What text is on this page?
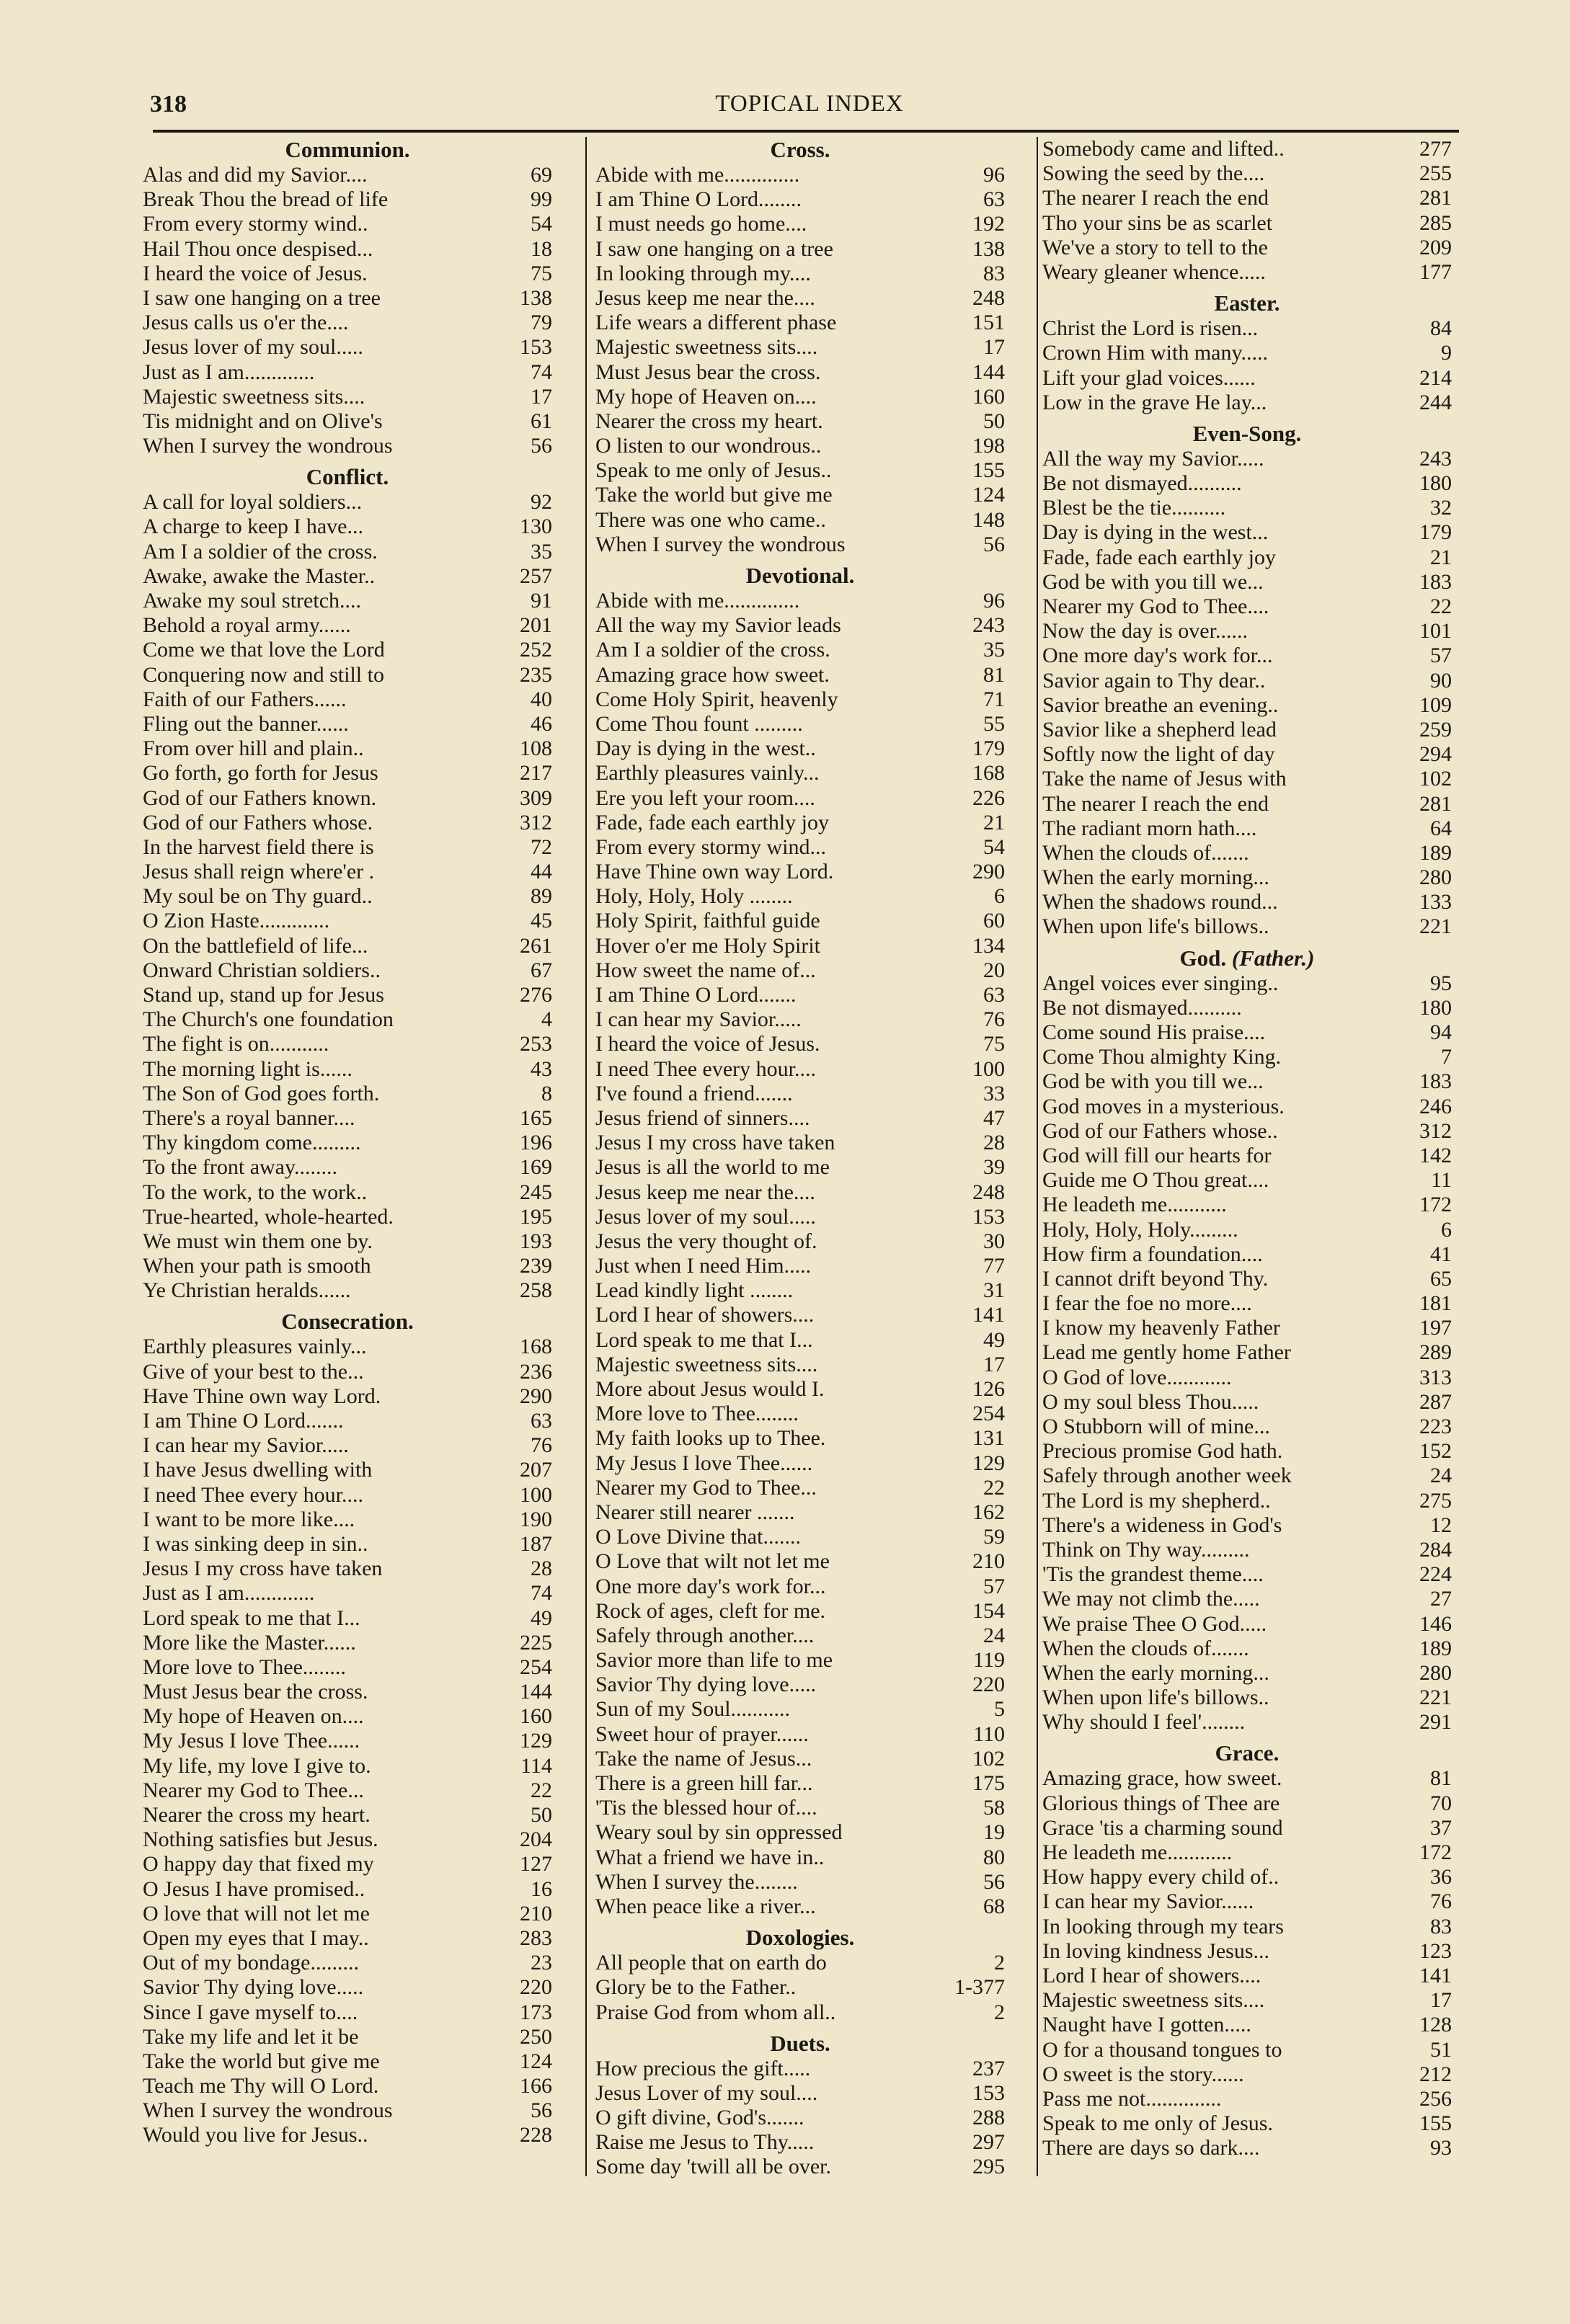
318	TOPICAL INDEX
Communion.
Alas and did my Savior....	69
Break Thou the bread of life	99
From every stormy wind..	54
Hail Thou once despised...	18
I heard the voice of Jesus.	75
I saw one hanging on a tree	138
Jesus calls us o'er the....	79
Jesus lover of my soul.....	153
Just as I am.............	74
Majestic sweetness sits....	17
Tis midnight and on Olive's	61
When I survey the wondrous	56
Conflict.
A call for loyal soldiers...	92
A charge to keep I have...	130
Am I a soldier of the cross.	35
Awake, awake the Master..	257
Awake my soul stretch....	91
Behold a royal army......	201
Come we that love the Lord	252
Conquering now and still to	235
Faith of our Fathers......	40
Fling out the banner......	46
From over hill and plain..	108
Go forth, go forth for Jesus	217
God of our Fathers known.	309
God of our Fathers whose.	312
In the harvest field there is	72
Jesus shall reign where'er .	44
My soul be on Thy guard..	89
O Zion Haste.............	45
On the battlefield of life...	261
Onward Christian soldiers..	67
Stand up, stand up for Jesus	276
The Church's one foundation	4
The fight is on...........	253
The morning light is......	43
The Son of God goes forth.	8
There's a royal banner....	165
Thy kingdom come.........	196
To the front away........	169
To the work, to the work..	245
True-hearted, whole-hearted.	195
We must win them one by.	193
When your path is smooth	239
Ye Christian heralds......	258
Consecration.
Earthly pleasures vainly...	168
Give of your best to the...	236
Have Thine own way Lord.	290
I am Thine O Lord.......	63
I can hear my Savior.....	76
I have Jesus dwelling with	207
I need Thee every hour....	100
I want to be more like....	190
I was sinking deep in sin..	187
Jesus I my cross have taken	28
Just as I am.............	74
Lord speak to me that I...	49
More like the Master......	225
More love to Thee........	254
Must Jesus bear the cross.	144
My hope of Heaven on....	160
My Jesus I love Thee......	129
My life, my love I give to.	114
Nearer my God to Thee...	22
Nearer the cross my heart.	50
Nothing satisfies but Jesus.	204
O happy day that fixed my	127
O Jesus I have promised..	16
O love that will not let me	210
Open my eyes that I may..	283
Out of my bondage.........	23
Savior Thy dying love.....	220
Since I gave myself to....	173
Take my life and let it be	250
Take the world but give me	124
Teach me Thy will O Lord.	166
When I survey the wondrous	56
Would you live for Jesus..	228
Cross.
Abide with me..............	96
I am Thine O Lord........	63
I must needs go home....	192
I saw one hanging on a tree	138
In looking through my....	83
Jesus keep me near the....	248
Life wears a different phase	151
Majestic sweetness sits....	17
Must Jesus bear the cross.	144
My hope of Heaven on....	160
Nearer the cross my heart.	50
O listen to our wondrous..	198
Speak to me only of Jesus..	155
Take the world but give me	124
There was one who came..	148
When I survey the wondrous	56
Devotional.
Abide with me..............	96
All the way my Savior leads	243
Am I a soldier of the cross.	35
Amazing grace how sweet.	81
Come Holy Spirit, heavenly	71
Come Thou fount .........	55
Day is dying in the west..	179
Earthly pleasures vainly...	168
Ere you left your room....	226
Fade, fade each earthly joy	21
From every stormy wind...	54
Have Thine own way Lord.	290
Holy, Holy, Holy ........	6
Holy Spirit, faithful guide	60
Hover o'er me Holy Spirit	134
How sweet the name of...	20
I am Thine O Lord.......	63
I can hear my Savior.....	76
I heard the voice of Jesus.	75
I need Thee every hour....	100
I've found a friend.......	33
Jesus friend of sinners....	47
Jesus I my cross have taken	28
Jesus is all the world to me	39
Jesus keep me near the....	248
Jesus lover of my soul.....	153
Jesus the very thought of.	30
Just when I need Him.....	77
Lead kindly light ........	31
Lord I hear of showers....	141
Lord speak to me that I...	49
Majestic sweetness sits....	17
More about Jesus would I.	126
More love to Thee........	254
My faith looks up to Thee.	131
My Jesus I love Thee......	129
Nearer my God to Thee...	22
Nearer still nearer .......	162
O Love Divine that.......	59
O Love that wilt not let me	210
One more day's work for...	57
Rock of ages, cleft for me.	154
Safely through another....	24
Savior more than life to me	119
Savior Thy dying love.....	220
Sun of my Soul...........	5
Sweet hour of prayer......	110
Take the name of Jesus...	102
There is a green hill far...	175
'Tis the blessed hour of....	58
Weary soul by sin oppressed	19
What a friend we have in..	80
When I survey the........	56
When peace like a river...	68
Doxologies.
All people that on earth do	2
Glory be to the Father..	1-377
Praise God from whom all..	2
Duets.
How precious the gift.....	237
Jesus Lover of my soul....	153
O gift divine, God's.......	288
Raise me Jesus to Thy.....	297
Some day 'twill all be over.	295
Somebody came and lifted..	277
Sowing the seed by the....	255
The nearer I reach the end	281
Tho your sins be as scarlet	285
We've a story to tell to the	209
Weary gleaner whence.....	177
Easter.
Christ the Lord is risen...	84
Crown Him with many.....	9
Lift your glad voices......	214
Low in the grave He lay...	244
Even-Song.
All the way my Savior.....	243
Be not dismayed..........	180
Blest be the tie..........	32
Day is dying in the west...	179
Fade, fade each earthly joy	21
God be with you till we...	183
Nearer my God to Thee....	22
Now the day is over......	101
One more day's work for...	57
Savior again to Thy dear..	90
Savior breathe an evening..	109
Savior like a shepherd lead	259
Softly now the light of day	294
Take the name of Jesus with	102
The nearer I reach the end	281
The radiant morn hath....	64
When the clouds of.......	189
When the early morning...	280
When the shadows round...	133
When upon life's billows..	221
God. (Father.)
Angel voices ever singing..	95
Be not dismayed..........	180
Come sound His praise....	94
Come Thou almighty King.	7
God be with you till we...	183
God moves in a mysterious.	246
God of our Fathers whose..	312
God will fill our hearts for	142
Guide me O Thou great....	11
He leadeth me...........	172
Holy, Holy, Holy.........	6
How firm a foundation....	41
I cannot drift beyond Thy.	65
I fear the foe no more....	181
I know my heavenly Father	197
Lead me gently home Father	289
O God of love............	313
O my soul bless Thou.....	287
O Stubborn will of mine...	223
Precious promise God hath.	152
Safely through another week	24
The Lord is my shepherd..	275
There's a wideness in God's	12
Think on Thy way.........	284
'Tis the grandest theme....	224
We may not climb the.....	27
We praise Thee O God.....	146
When the clouds of.......	189
When the early morning...	280
When upon life's billows..	221
Why should I feel'........	291
Grace.
Amazing grace, how sweet.	81
Glorious things of Thee are	70
Grace 'tis a charming sound	37
He leadeth me............	172
How happy every child of..	36
I can hear my Savior......	76
In looking through my tears	83
In loving kindness Jesus...	123
Lord I hear of showers....	141
Majestic sweetness sits....	17
Naught have I gotten.....	128
O for a thousand tongues to	51
O sweet is the story......	212
Pass me not..............	256
Speak to me only of Jesus.	155
There are days so dark....	93
